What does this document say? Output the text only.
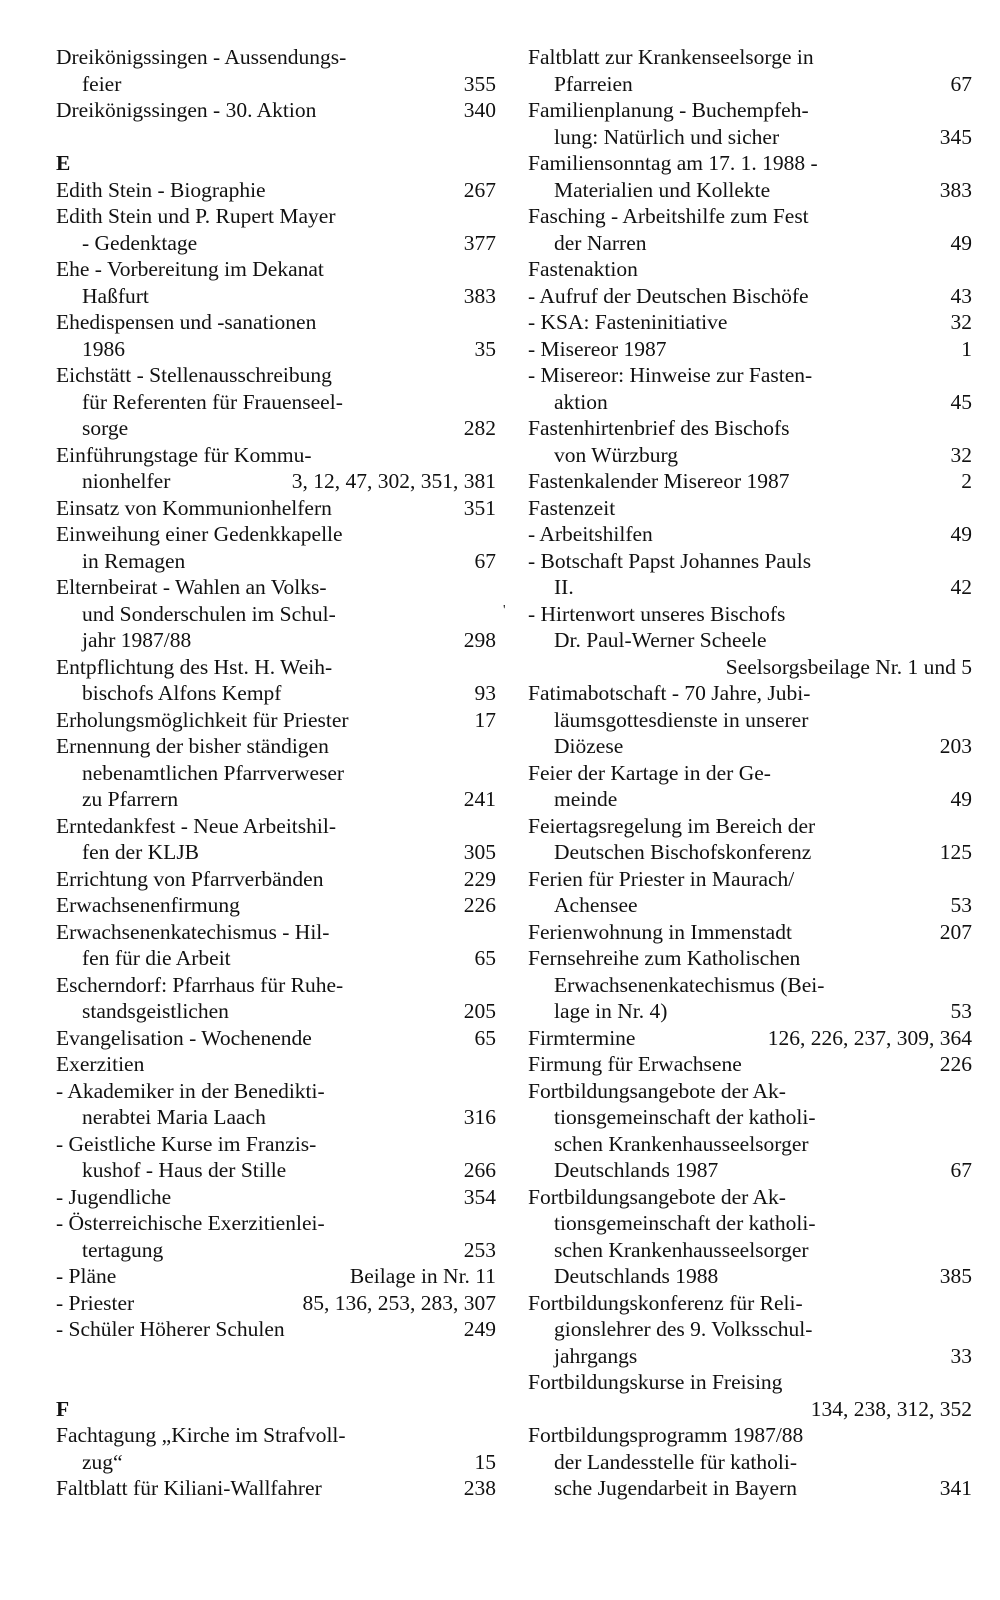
Dreikönigssingen - Aussendungs-
feier	355
Dreikönigssingen - 30. Aktion	340
E
Edith Stein - Biographie	267
Edith Stein und P. Rupert Mayer
- Gedenktage	377
Ehe - Vorbereitung im Dekanat
Haßfurt	383
Ehedispensen und -sanationen
1986	35
Eichstätt - Stellenausschreibung
für Referenten für Frauenseel-
sorge	282
Einführungstage für Kommu-
nionhelfer	3, 12, 47, 302, 351, 381
Einsatz von Kommunionhelfern	351
Einweihung einer Gedenkkapelle
in Remagen	67
Elternbeirat - Wahlen an Volks-
und Sonderschulen im Schul-
jahr 1987/88	298
Entpflichtung des Hst. H. Weih-
bischofs Alfons Kempf	93
Erholungsmöglichkeit für Priester	17
Ernennung der bisher ständigen
nebenamtlichen Pfarrverweser
zu Pfarrern	241
Erntedankfest - Neue Arbeitshil-
fen der KLJB	305
Errichtung von Pfarrverbänden	229
Erwachsenenfirmung	226
Erwachsenenkatechismus - Hil-
fen für die Arbeit	65
Escherndorf: Pfarrhaus für Ruhe-
standsgeistlichen	205
Evangelisation - Wochenende	65
Exerzitien
- Akademiker in der Benedikti-
nerabtei Maria Laach	316
- Geistliche Kurse im Franzis-
kushof - Haus der Stille	266
- Jugendliche	354
- Österreichische Exerzitienlei-
tertagung	253
- Pläne	Beilage in Nr. 11
- Priester	85, 136, 253, 283, 307
- Schüler Höherer Schulen	249
F
Fachtagung „Kirche im Strafvoll-
zug“	15
Faltblatt für Kiliani-Wallfahrer	238
Faltblatt zur Krankenseelsorge in
Pfarreien	67
Familienplanung - Buchempfeh-
lung: Natürlich und sicher	345
Familiensonntag am 17. 1. 1988 -
Materialien und Kollekte	383
Fasching - Arbeitshilfe zum Fest
der Narren	49
Fastenaktion
- Aufruf der Deutschen Bischöfe	43
- KSA: Fasteninitiative	32
- Misereor 1987	1
- Misereor: Hinweise zur Fasten-
aktion	45
Fastenhirtenbrief des Bischofs
von Würzburg	32
Fastenkalender Misereor 1987	2
Fastenzeit
- Arbeitshilfen	49
- Botschaft Papst Johannes Pauls
II.	42
- Hirtenwort unseres Bischofs
Dr. Paul-Werner Scheele
Seelsorgsbeilage Nr. 1 und 5
Fatimabotschaft - 70 Jahre, Jubi-
läumsgottesdienste in unserer
Diözese	203
Feier der Kartage in der Ge-
meinde	49
Feiertagsregelung im Bereich der
Deutschen Bischofskonferenz	125
Ferien für Priester in Maurach/
Achensee	53
Ferienwohnung in Immenstadt	207
Fernsehreihe zum Katholischen
Erwachsenenkatechismus (Bei-
lage in Nr. 4)	53
Firmtermine	126, 226, 237, 309, 364
Firmung für Erwachsene	226
Fortbildungsangebote der Ak-
tionsgemeinschaft der katholi-
schen Krankenhausseelsorger
Deutschlands 1987	67
Fortbildungsangebote der Ak-
tionsgemeinschaft der katholi-
schen Krankenhausseelsorger
Deutschlands 1988	385
Fortbildungskonferenz für Reli-
gionslehrer des 9. Volksschul-
jahrgangs	33
Fortbildungskurse in Freising
134, 238, 312, 352
Fortbildungsprogramm 1987/88
der Landesstelle für katholi-
sche Jugendarbeit in Bayern	341
'
